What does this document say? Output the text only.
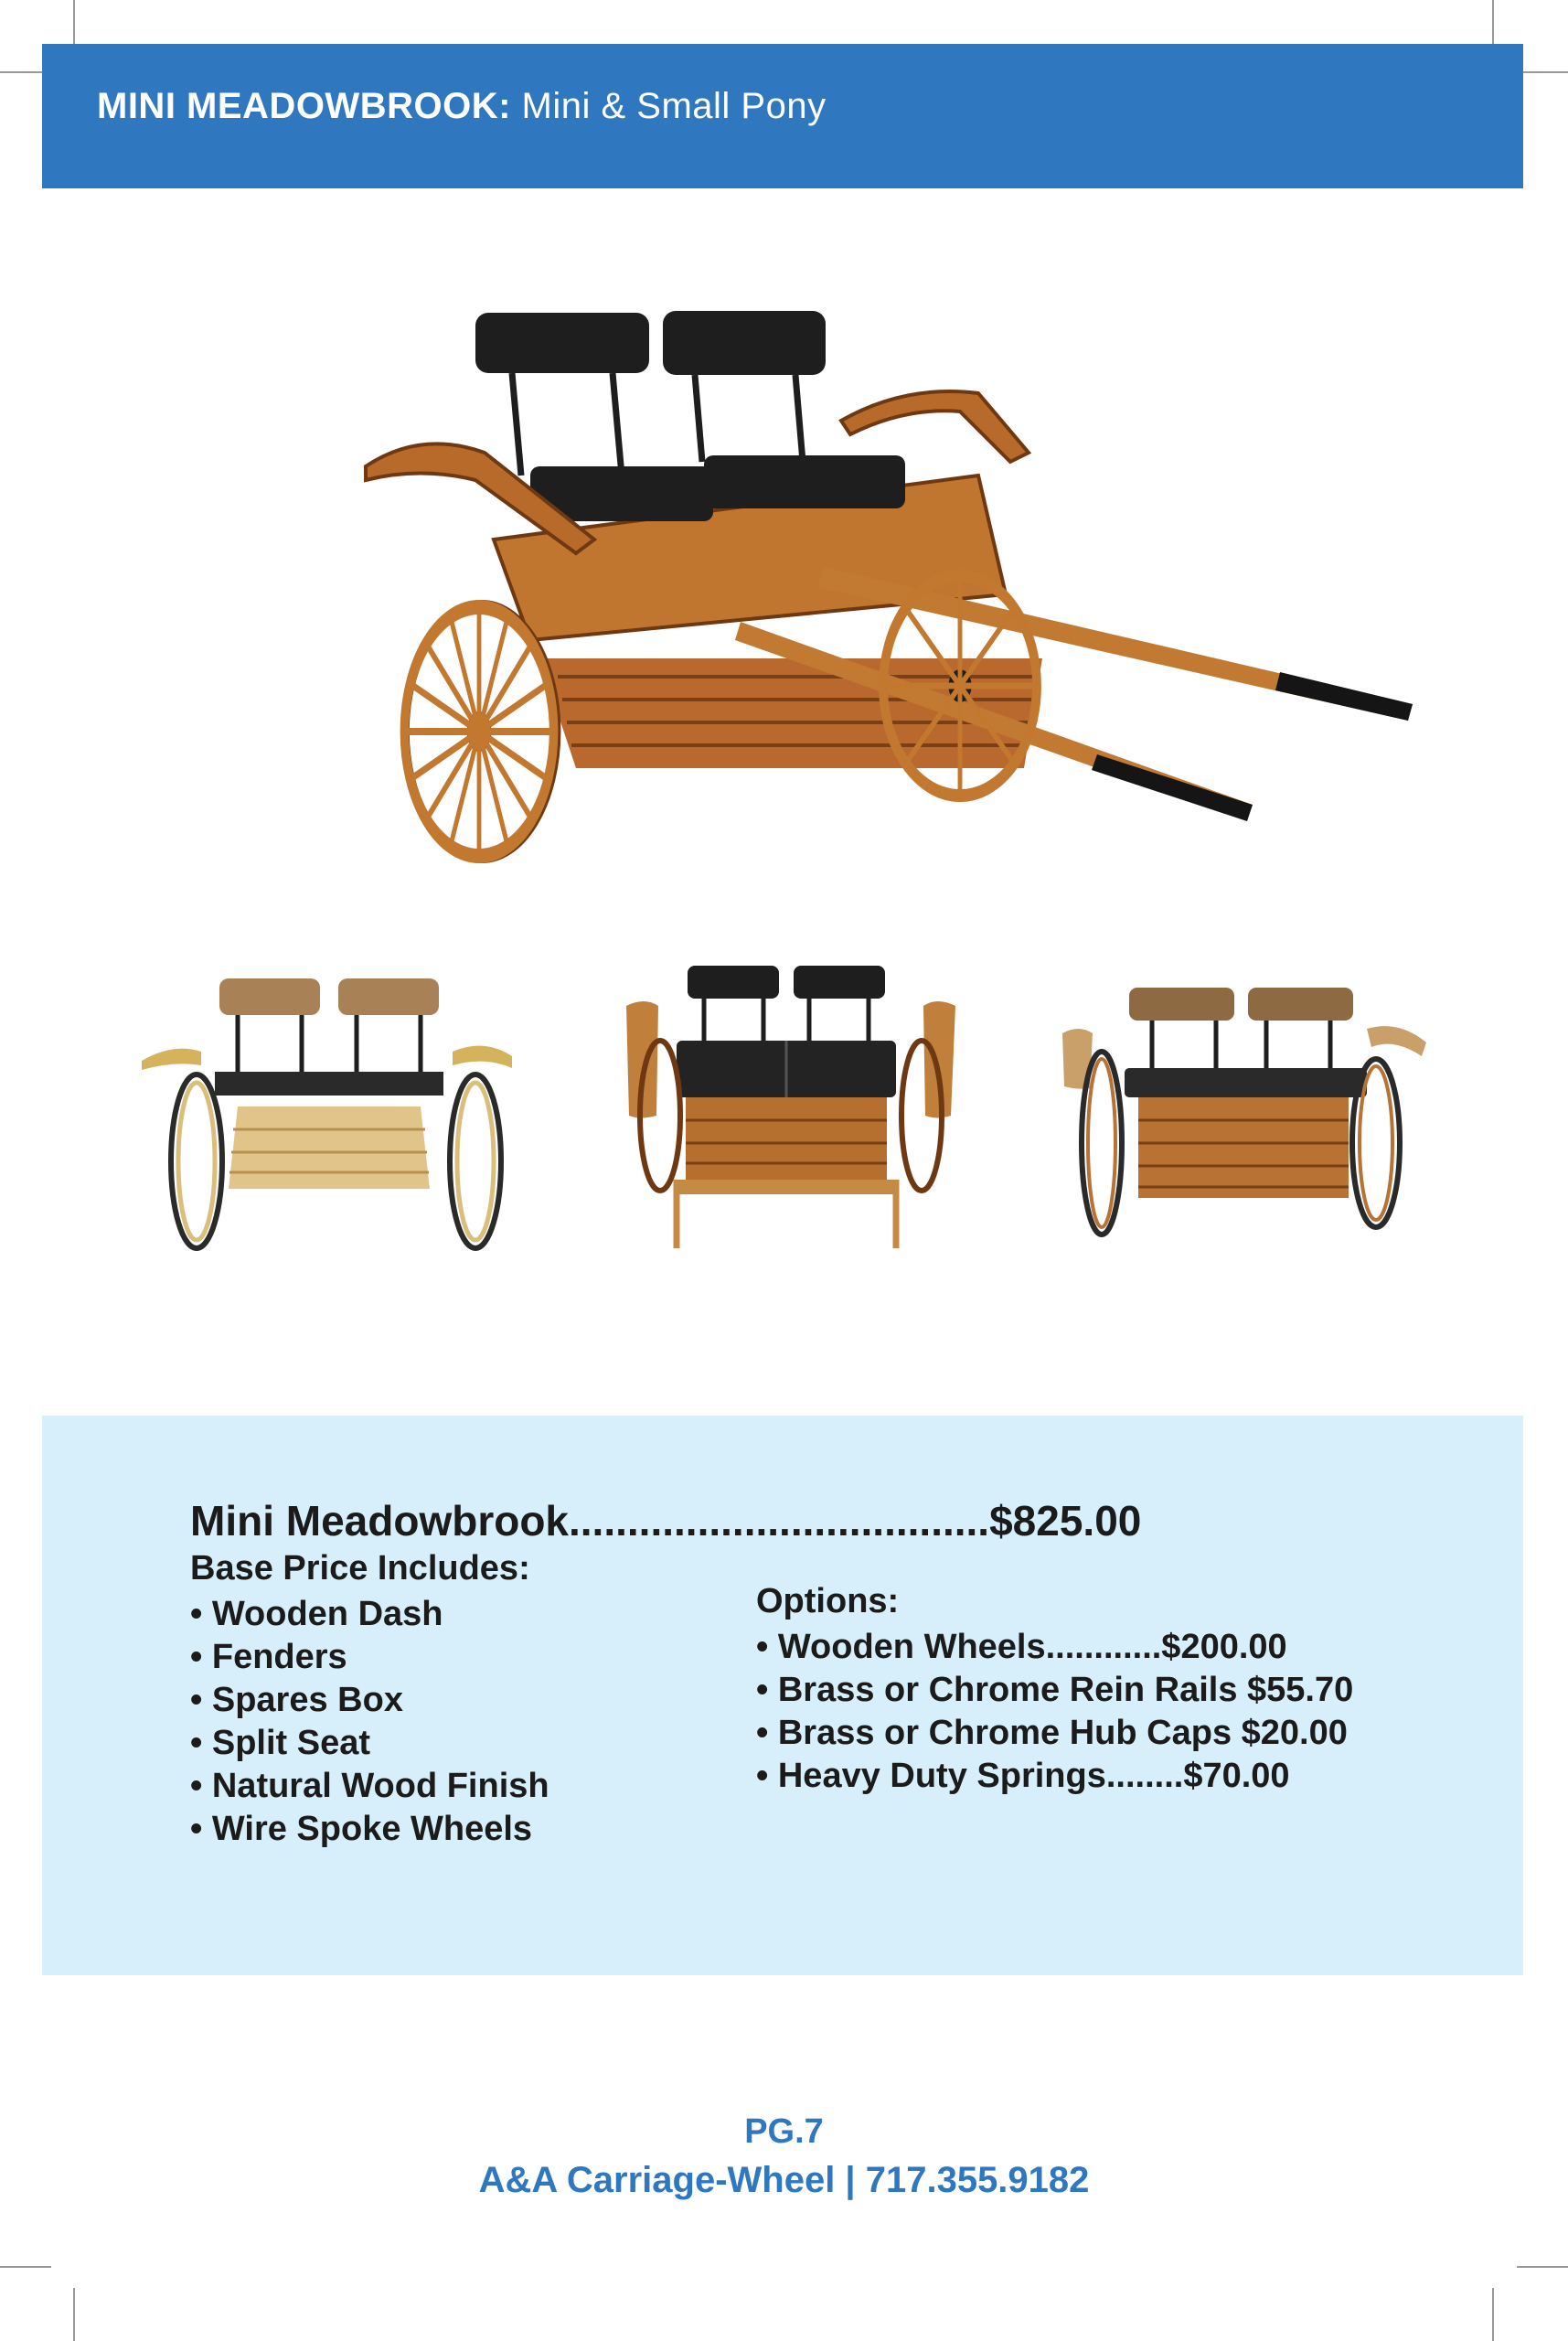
MINI MEADOWBROOK: Mini & Small Pony
Mini Meadowbrook....................................$825.00
Base Price Includes:
• Wooden Dash
• Fenders
• Spares Box
• Split Seat
• Natural Wood Finish
• Wire Spoke Wheels
Options:
• Wooden Wheels............$200.00
• Brass or Chrome Rein Rails $55.70
• Brass or Chrome Hub Caps $20.00
• Heavy Duty Springs........$70.00
PG.7
A&A Carriage-Wheel | 717.355.9182
